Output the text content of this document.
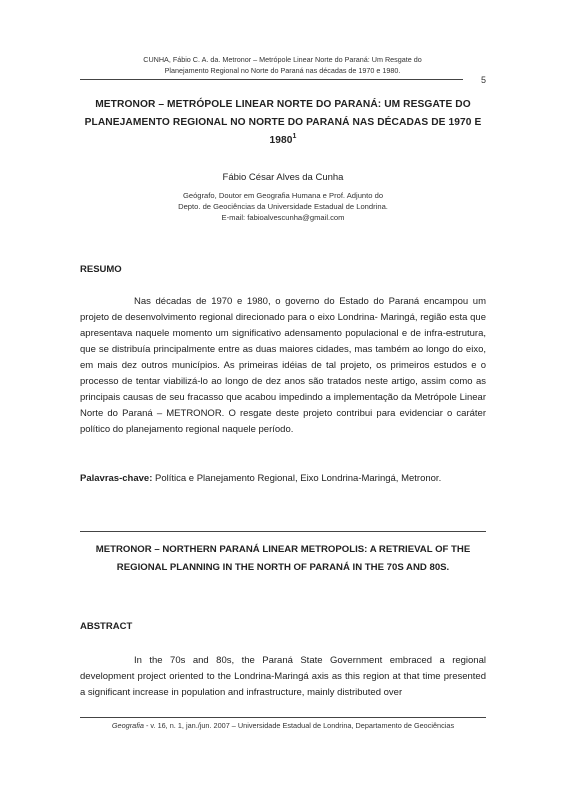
CUNHA, Fábio C. A. da. Metronor – Metrópole Linear Norte do Paraná: Um Resgate do
Planejamento Regional no Norte do Paraná nas décadas de 1970 e 1980.
5
METRONOR – METRÓPOLE LINEAR NORTE DO PARANÁ: UM RESGATE DO PLANEJAMENTO REGIONAL NO NORTE DO PARANÁ NAS DÉCADAS DE 1970 E 1980$^1$
Fábio César Alves da Cunha
Geógrafo, Doutor em Geografia Humana e Prof. Adjunto do
Depto. de Geociências da Universidade Estadual de Londrina.
E-mail: fabioalvescunha@gmail.com
RESUMO
Nas décadas de 1970 e 1980, o governo do Estado do Paraná encampou um projeto de desenvolvimento regional direcionado para o eixo Londrina- Maringá, região esta que apresentava naquele momento um significativo adensamento populacional e de infra-estrutura, que se distribuía principalmente entre as duas maiores cidades, mas também ao longo do eixo, em mais dez outros municípios. As primeiras idéias de tal projeto, os primeiros estudos e o processo de tentar viabilizá-lo ao longo de dez anos são tratados neste artigo, assim como as principais causas de seu fracasso que acabou impedindo a implementação da Metrópole Linear Norte do Paraná – METRONOR. O resgate deste projeto contribui para evidenciar o caráter político do planejamento regional naquele período.
Palavras-chave: Política e Planejamento Regional, Eixo Londrina-Maringá, Metronor.
METRONOR – NORTHERN PARANÁ LINEAR METROPOLIS: A RETRIEVAL OF THE REGIONAL PLANNING IN THE NORTH OF PARANÁ IN THE 70S AND 80S.
ABSTRACT
In the 70s and 80s, the Paraná State Government embraced a regional development project oriented to the Londrina-Maringá axis as this region at that time presented a significant increase in population and infrastructure, mainly distributed over
Geografia - v. 16, n. 1, jan./jun. 2007 – Universidade Estadual de Londrina, Departamento de Geociências
